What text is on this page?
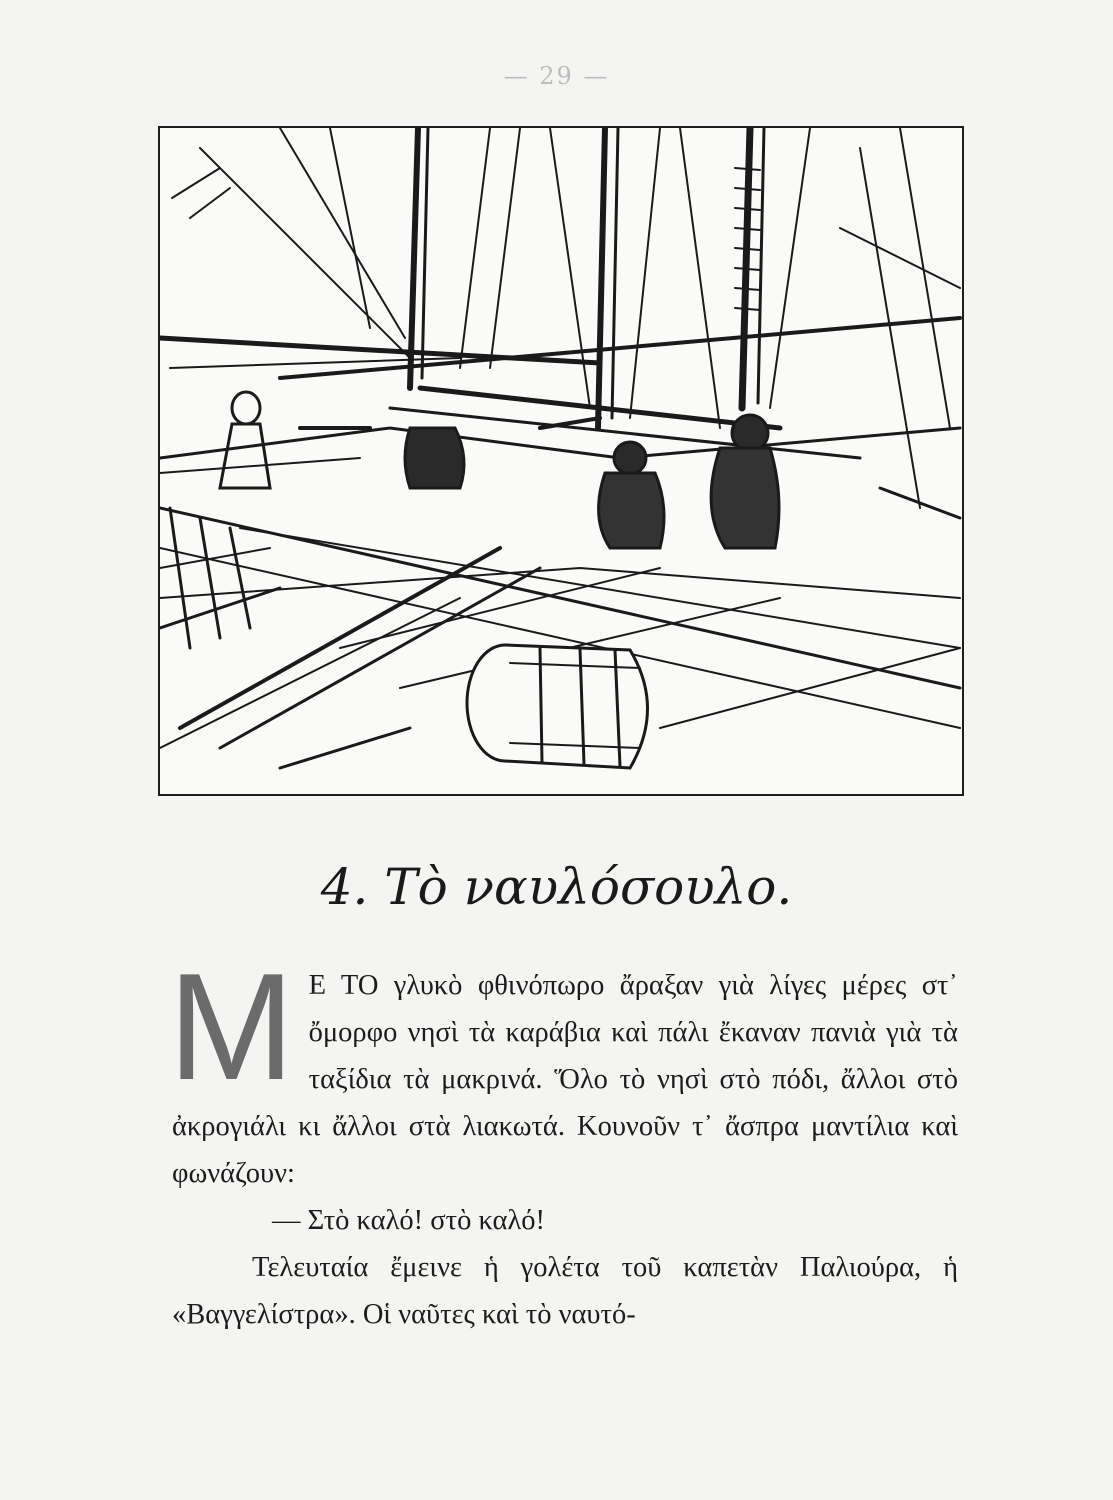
— 29 —
4. Τὸ ναυλόσουλο.
Μ Ε ΤΟ γλυκὸ φθινόπωρο ἄραξαν γιὰ λίγες μέρες στ᾽ ὄμορφο νησὶ τὰ καράβια καὶ πάλι ἔκαναν πανιὰ γιὰ τὰ ταξίδια τὰ μακρινά. Ὅλο τὸ νησὶ στὸ πόδι, ἄλλοι στὸ ἀκρογιάλι κι ἄλλοι στὰ λιακωτά. Κουνοῦν τ᾽ ἄσπρα μαντίλια καὶ φωνάζουν:

— Στὸ καλό! στὸ καλό!

Τελευταία ἔμεινε ἡ γολέτα τοῦ καπετὰν Παλιούρα, ἡ «Βαγγελίστρα». Οἱ ναῦτες καὶ τὸ ναυτό-
